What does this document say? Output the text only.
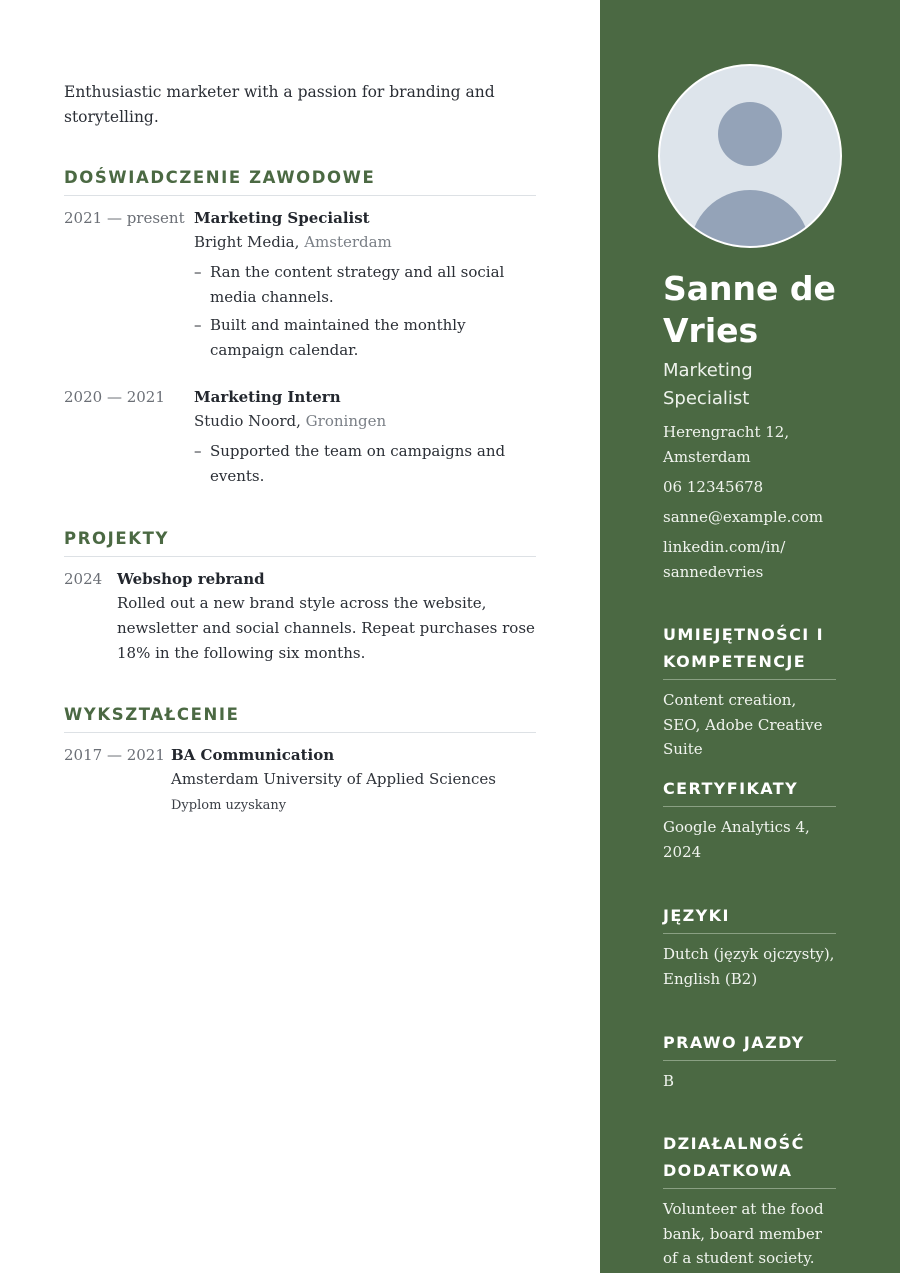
Enthusiastic marketer with a passion for branding and storytelling.
DOŚWIADCZENIE ZAWODOWE
2021 — present Marketing Specialist
Bright Media, Amsterdam
– Ran the content strategy and all social media channels.
– Built and maintained the monthly campaign calendar.
2020 — 2021 Marketing Intern
Studio Noord, Groningen
– Supported the team on campaigns and events.
PROJEKTY
2024 Webshop rebrand
Rolled out a new brand style across the website, newsletter and social channels. Repeat purchases rose 18% in the following six months.
WYKSZTAŁCENIE
2017 — 2021 BA Communication
Amsterdam University of Applied Sciences
Dyplom uzyskany
Sanne de Vries
Marketing Specialist
Herengracht 12, Amsterdam
06 12345678
sanne@example.com
linkedin.com/in/ sannedevries
UMIEJĘTNOŚCI I KOMPETENCJE
Content creation, SEO, Adobe Creative Suite
CERTYFIKATY
Google Analytics 4, 2024
JĘZYKI
Dutch (język ojczysty), English (B2)
PRAWO JAZDY
B
DZIAŁALNOŚĆ DODATKOWA
Volunteer at the food bank, board member of a student society.
